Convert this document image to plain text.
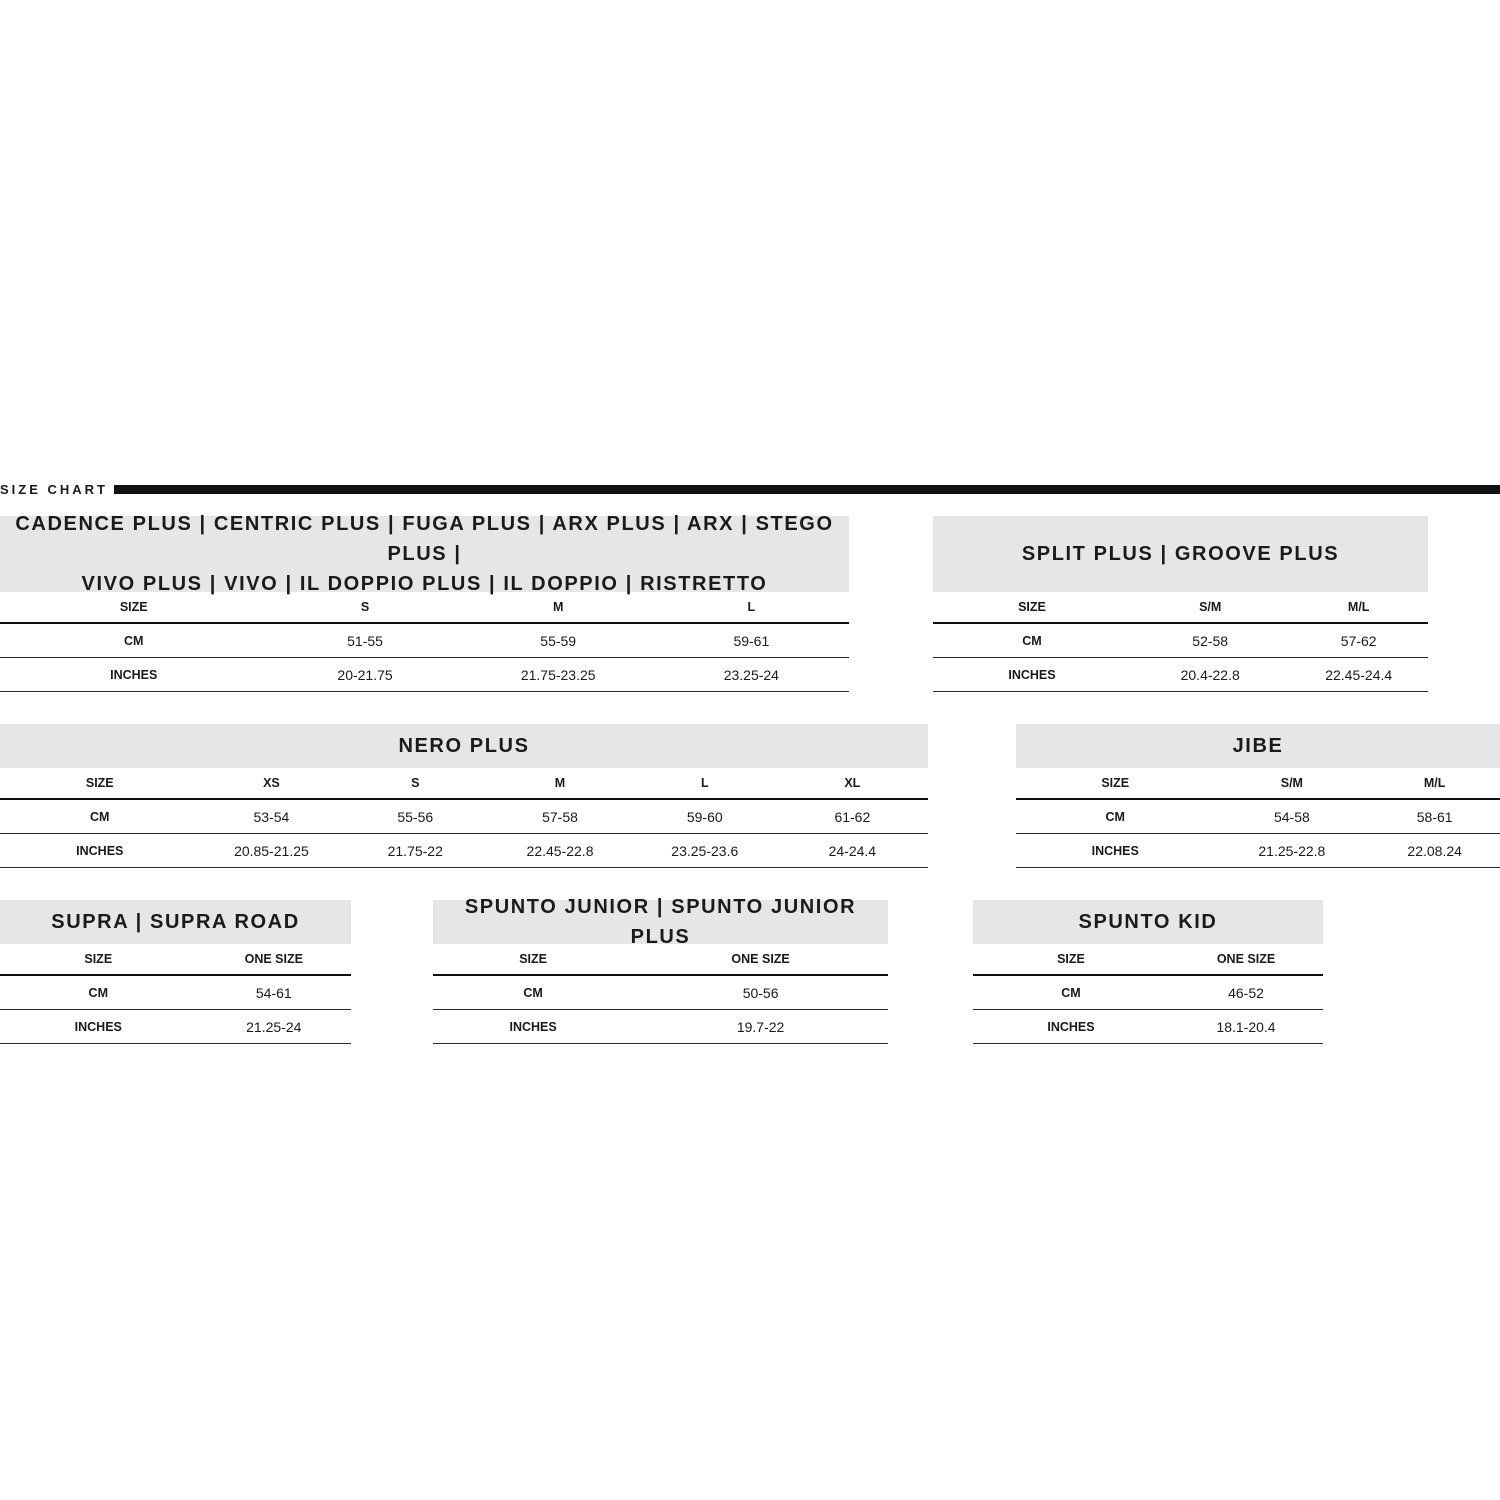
SIZE CHART
CADENCE PLUS | CENTRIC PLUS | FUGA PLUS | ARX PLUS | ARX | STEGO PLUS |
VIVO PLUS | VIVO | IL DOPPIO PLUS | IL DOPPIO | RISTRETTO
SIZE	S	M	L
CM	51-55	55-59	59-61
INCHES	20-21.75	21.75-23.25	23.25-24
SPLIT PLUS | GROOVE PLUS
SIZE	S/M	M/L
CM	52-58	57-62
INCHES	20.4-22.8	22.45-24.4
NERO PLUS
SIZE	XS	S	M	L	XL
CM	53-54	55-56	57-58	59-60	61-62
INCHES	20.85-21.25	21.75-22	22.45-22.8	23.25-23.6	24-24.4
JIBE
SIZE	S/M	M/L
CM	54-58	58-61
INCHES	21.25-22.8	22.08.24
SUPRA | SUPRA ROAD
SIZE	ONE SIZE
CM	54-61
INCHES	21.25-24
SPUNTO JUNIOR | SPUNTO JUNIOR PLUS
SIZE	ONE SIZE
CM	50-56
INCHES	19.7-22
SPUNTO KID
SIZE	ONE SIZE
CM	46-52
INCHES	18.1-20.4
